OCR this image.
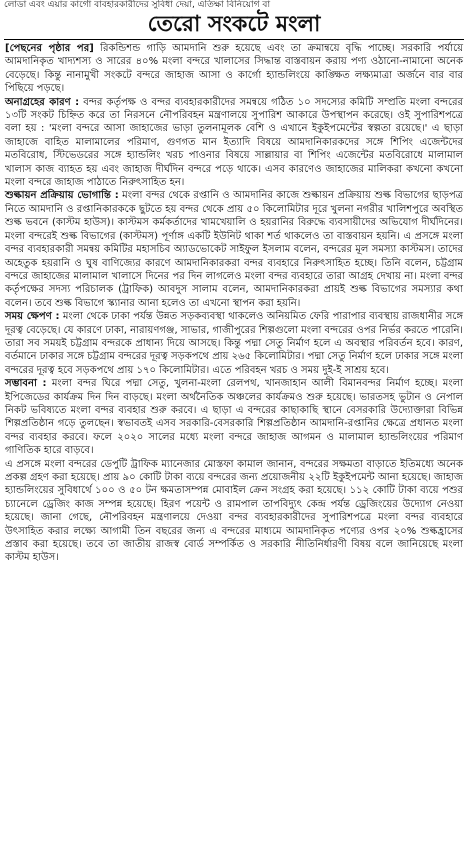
লোডা এবং এয়ার কার্গো বাবহারকারীদের সুবিধা দেয়া, এতিক্ষা বিনিয়োগ বা
তেরো সংকটে মংলা

[পেছনের পৃষ্ঠার পর] রিকন্ডিশন্ড গাড়ি আমদানি শুরু হয়েছে এবং তা ক্রমান্বয়ে বৃদ্ধি পাচ্ছে। সরকারি পর্যায়ে আমদানিকৃত খাদ্যশস্য ও সারের ৪০% মংলা বন্দরে খালাসের সিদ্ধান্ত বাস্তবায়ন করায় পণ্য ওঠানো-নামানো অনেক বেড়েছে। কিন্তু নানামুখী সংকটে বন্দরে জাহাজ আসা ও কার্গো হ্যান্ডলিংয়ে কাঙ্ক্ষিত লক্ষ্যমাত্রা অর্জনে বার বার পিছিয়ে পড়ছে।

অনাগ্রহের কারণ : বন্দর কর্তৃপক্ষ ও বন্দর ব্যবহারকারীদের সমন্বয়ে গঠিত ১০ সদস্যের কমিটি সম্প্রতি মংলা বন্দরের ১৩টি সংকট চিহ্নিত করে তা নিরসনে নৌপরিবহন মন্ত্রণালয়ে সুপারিশ আকারে উপস্থাপন করেছে। ওই সুপারিশপত্রে বলা হয় : 'মংলা বন্দরে আসা জাহাজের ভাড়া তুলনামূলক বেশি ও এখানে ইকুইপমেন্টের স্বল্পতা রয়েছে।' এ ছাড়া জাহাজে বাহিত মালামালের পরিমাণ, গুণগত মান ইত্যাদি বিষয়ে আমদানিকারকদের সঙ্গে শিপিং এজেন্টদের মতবিরোধ, স্টিভেডরের সঙ্গে হ্যান্ডলিং খরচ পাওনার বিষয়ে সাল্লায়ার বা শিপিং এজেন্টের মতবিরোধে মালামাল খালাস কাজ ব্যাহত হয় এবং জাহাজ দীর্ঘদিন বন্দরে পড়ে থাকে। এসব কারণেও জাহাজের মালিকরা কখনো কখনো মংলা বন্দরে জাহাজ পাঠাতে নিরুৎসাহিত হন।

শুল্কায়ন প্রক্রিয়ায় ভোগান্তি : মংলা বন্দর থেকে রপ্তানি ও আমদানির কাজে শুল্কায়ন প্রক্রিয়ায় শুল্ক বিভাগের ছাড়পত্র নিতে আমদানি ও রপ্তানিকারককে ছুটতে হয় বন্দর থেকে প্রায় ৫০ কিলোমিটার দূরে খুলনা নগরীর খালিশপুরে অবস্থিত শুল্ক ভবনে (কাস্টম হাউস)। কাস্টমস কর্মকর্তাদের খামখেয়ালি ও হয়রানির বিরুদ্ধে ব্যবসায়ীদের অভিযোগ দীর্ঘদিনের। মংলা বন্দরেই শুল্ক বিভাগের (কাস্টমস) পূর্ণাঙ্গ একটি ইউনিট থাকা শর্ত থাকলেও তা বাস্তবায়ন হয়নি। এ প্রসঙ্গে মংলা বন্দর ব্যবহারকারী সমন্বয় কমিটির মহাসচিব অ্যাডভোকেট সাইফুল ইসলাম বলেন, বন্দরের মূল সমস্যা কাস্টমস। তাদের অহেতুক হয়রানি ও ঘুষ বাণিজ্যের কারণে আমদানিকারকরা বন্দর ব্যবহারে নিরুৎসাহিত হচ্ছে। তিনি বলেন, চট্টগ্রাম বন্দরে জাহাজের মালামাল খালাসে দিনের পর দিন লাগলেও মংলা বন্দর ব্যবহারে তারা আগ্রহ দেখায় না। মংলা বন্দর কর্তৃপক্ষের সদস্য পরিচালক (ট্রাফিক) আবদুস সালাম বলেন, আমদানিকারকরা প্রায়ই শুল্ক বিভাগের সমস্যার কথা বলেন। তবে শুল্ক বিভাগে স্ক্যানার আনা হলেও তা এখনো স্থাপন করা হয়নি।

সময় ক্ষেপণ : মংলা থেকে ঢাকা পর্যন্ত উন্নত সড়কব্যবস্থা থাকলেও অনিয়মিত ফেরি পারাপার ব্যবস্থায় রাজধানীর সঙ্গে দূরত্ব বেড়েছে। যে কারণে ঢাকা, নারায়ণগঞ্জ, সাভার, গাজীপুরের শিল্পগুলো মংলা বন্দরের ওপর নির্ভর করতে পারেনি। তারা সব সময়ই চট্টগ্রাম বন্দরকে প্রাধান্য দিয়ে আসছে। কিন্তু পদ্মা সেতু নির্মাণ হলে এ অবস্থার পরিবর্তন হবে। কারণ, বর্তমানে ঢাকার সঙ্গে চট্টগ্রাম বন্দরের দূরত্ব সড়কপথে প্রায় ২৬৫ কিলোমিটার। পদ্মা সেতু নির্মাণ হলে ঢাকার সঙ্গে মংলা বন্দরের দূরত্ব হবে সড়কপথে প্রায় ১৭০ কিলোমিটার। এতে পরিবহন খরচ ও সময় দুই-ই সাশ্রয় হবে।

সম্ভাবনা : মংলা বন্দর ঘিরে পদ্মা সেতু, খুলনা-মংলা রেলপথ, খানজাহান আলী বিমানবন্দর নির্মাণ হচ্ছে। মংলা ইপিজেডের কার্যক্রম দিন দিন বাড়ছে। মংলা অর্থনৈতিক অঞ্চলের কার্যক্রমও শুরু হয়েছে। ভারতসহ ভুটান ও নেপাল নিকট ভবিষ্যতে মংলা বন্দর ব্যবহার শুরু করবে। এ ছাড়া এ বন্দরের কাছাকাছি স্থানে বেসরকারি উদ্যোক্তারা বিভিন্ন শিল্পপ্রতিষ্ঠান গড়ে তুলছেন। স্বভাবতই এসব সরকারি-বেসরকারি শিল্পপ্রতিষ্ঠান আমদানি-রপ্তানির ক্ষেত্রে প্রধানত মংলা বন্দর ব্যবহার করবে। ফলে ২০২০ সালের মধ্যে মংলা বন্দরে জাহাজ আগমন ও মালামাল হ্যান্ডলিংয়ের পরিমাণ গাণিতিক হারে বাড়বে।

এ প্রসঙ্গে মংলা বন্দরের ডেপুটি ট্রাফিক ম্যানেজার মোস্তফা কামাল জানান, বন্দরের সক্ষমতা বাড়াতে ইতিমধ্যে অনেক প্রকল্প গ্রহণ করা হয়েছে। প্রায় ৯০ কোটি টাকা ব্যয়ে বন্দরের জন্য প্রয়োজনীয় ২২টি ইকুইপমেন্ট আনা হয়েছে। জাহাজ হ্যান্ডলিংয়ের সুবিধার্থে ১০০ ও ৫০ টন ক্ষমতাসম্পন্ন মোবাইল ক্রেন সংগ্রহ করা হয়েছে। ১১২ কোটি টাকা ব্যয়ে পশুর চ্যানেলে ড্রেজিং কাজ সম্পন্ন হয়েছে। হিরণ পয়েন্ট ও রামপাল তাপবিদ্যুৎ কেন্দ্র পর্যন্ত ড্রেজিংয়ের উদ্যোগ নেওয়া হয়েছে। জানা গেছে, নৌপরিবহন মন্ত্রণালয়ে দেওয়া বন্দর ব্যবহারকারীদের সুপারিশপত্রে মংলা বন্দর ব্যবহারে উৎসাহিত করার লক্ষ্যে আগামী তিন বছরের জন্য এ বন্দরের মাধ্যমে আমদানিকৃত পণ্যের ওপর ২০% শুল্কহ্রাসের প্রস্তাব করা হয়েছে। তবে তা জাতীয় রাজস্ব বোর্ড সম্পর্কিত ও সরকারি নীতিনির্ধারণী বিষয় বলে জানিয়েছে মংলা কাস্টম হাউস।
